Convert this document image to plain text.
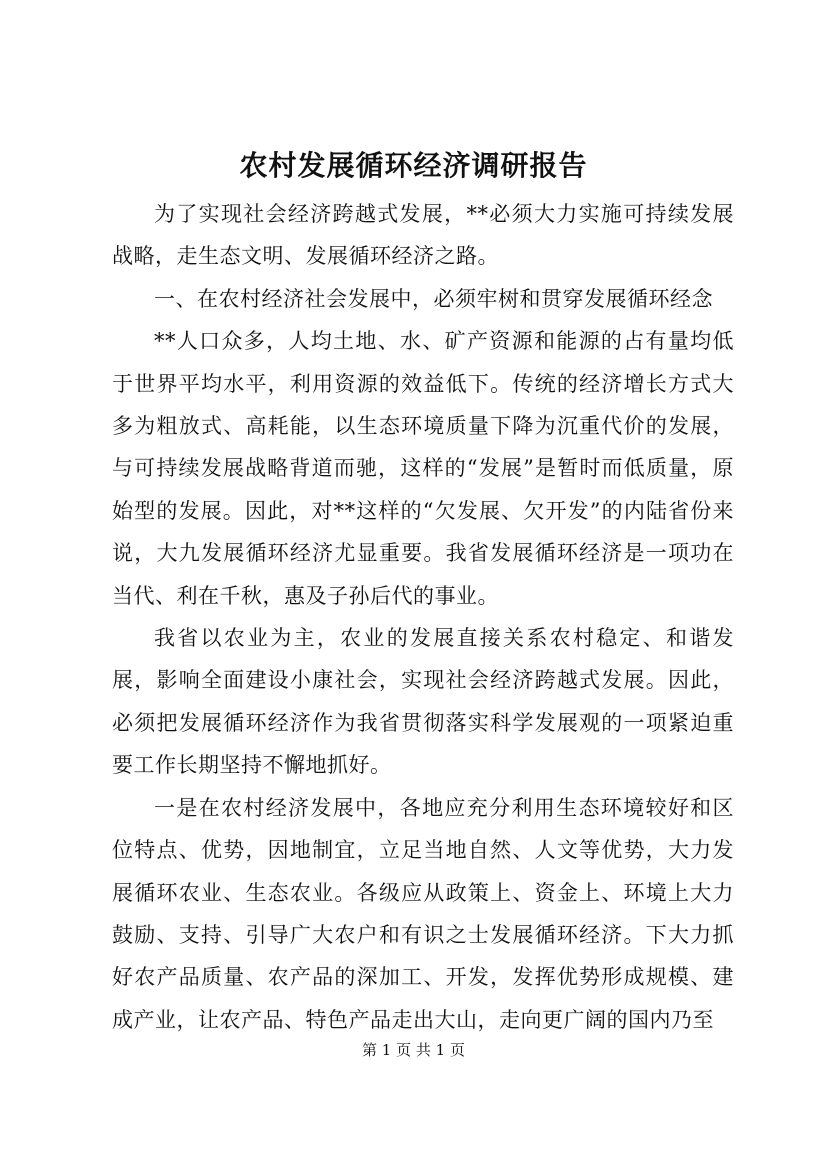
农村发展循环经济调研报告

为了实现社会经济跨越式发展，**必须大力实施可持续发展战略，走生态文明、发展循环经济之路。

一、在农村经济社会发展中，必须牢树和贯穿发展循环经念

**人口众多，人均土地、水、矿产资源和能源的占有量均低于世界平均水平，利用资源的效益低下。传统的经济增长方式大多为粗放式、高耗能，以生态环境质量下降为沉重代价的发展，与可持续发展战略背道而驰，这样的“发展”是暂时而低质量，原始型的发展。因此，对**这样的“欠发展、欠开发”的内陆省份来说，大九发展循环经济尤显重要。我省发展循环经济是一项功在当代、利在千秋，惠及子孙后代的事业。

我省以农业为主，农业的发展直接关系农村稳定、和谐发展，影响全面建设小康社会，实现社会经济跨越式发展。因此，必须把发展循环经济作为我省贯彻落实科学发展观的一项紧迫重要工作长期坚持不懈地抓好。

一是在农村经济发展中，各地应充分利用生态环境较好和区位特点、优势，因地制宜，立足当地自然、人文等优势，大力发展循环农业、生态农业。各级应从政策上、资金上、环境上大力鼓励、支持、引导广大农户和有识之士发展循环经济。下大力抓好农产品质量、农产品的深加工、开发，发挥优势形成规模、建成产业，让农产品、特色产品走出大山，走向更广阔的国内乃至

第 1 页 共 1 页
